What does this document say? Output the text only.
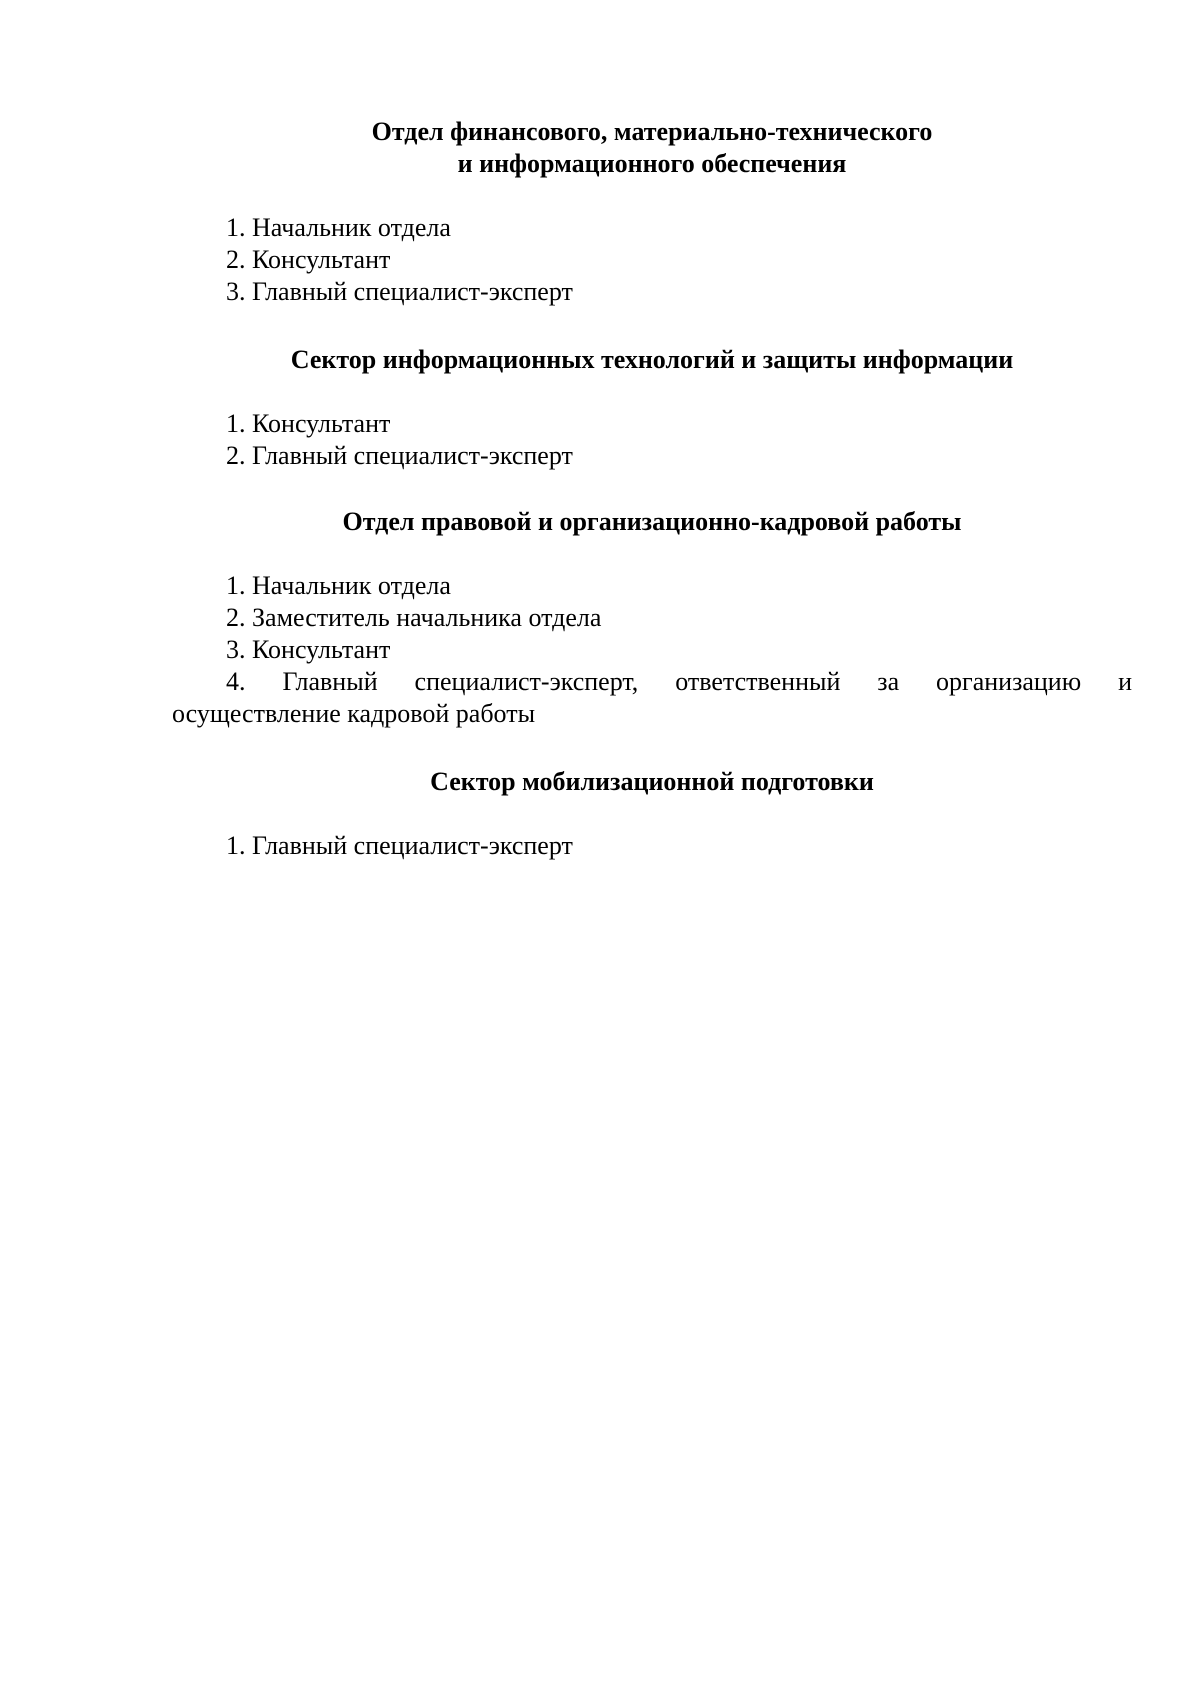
Отдел финансового, материально-технического

и информационного обеспечения

1. Начальник отдела

2. Консультант

3. Главный специалист-эксперт

Сектор информационных технологий и защиты информации

1. Консультант

2. Главный специалист-эксперт

Отдел правовой и организационно-кадровой работы

1. Начальник отдела

2. Заместитель начальника отдела

3. Консультант

4. Главный специалист-эксперт, ответственный за организацию и
осуществление кадровой работы

Сектор мобилизационной подготовки

1. Главный специалист-эксперт
